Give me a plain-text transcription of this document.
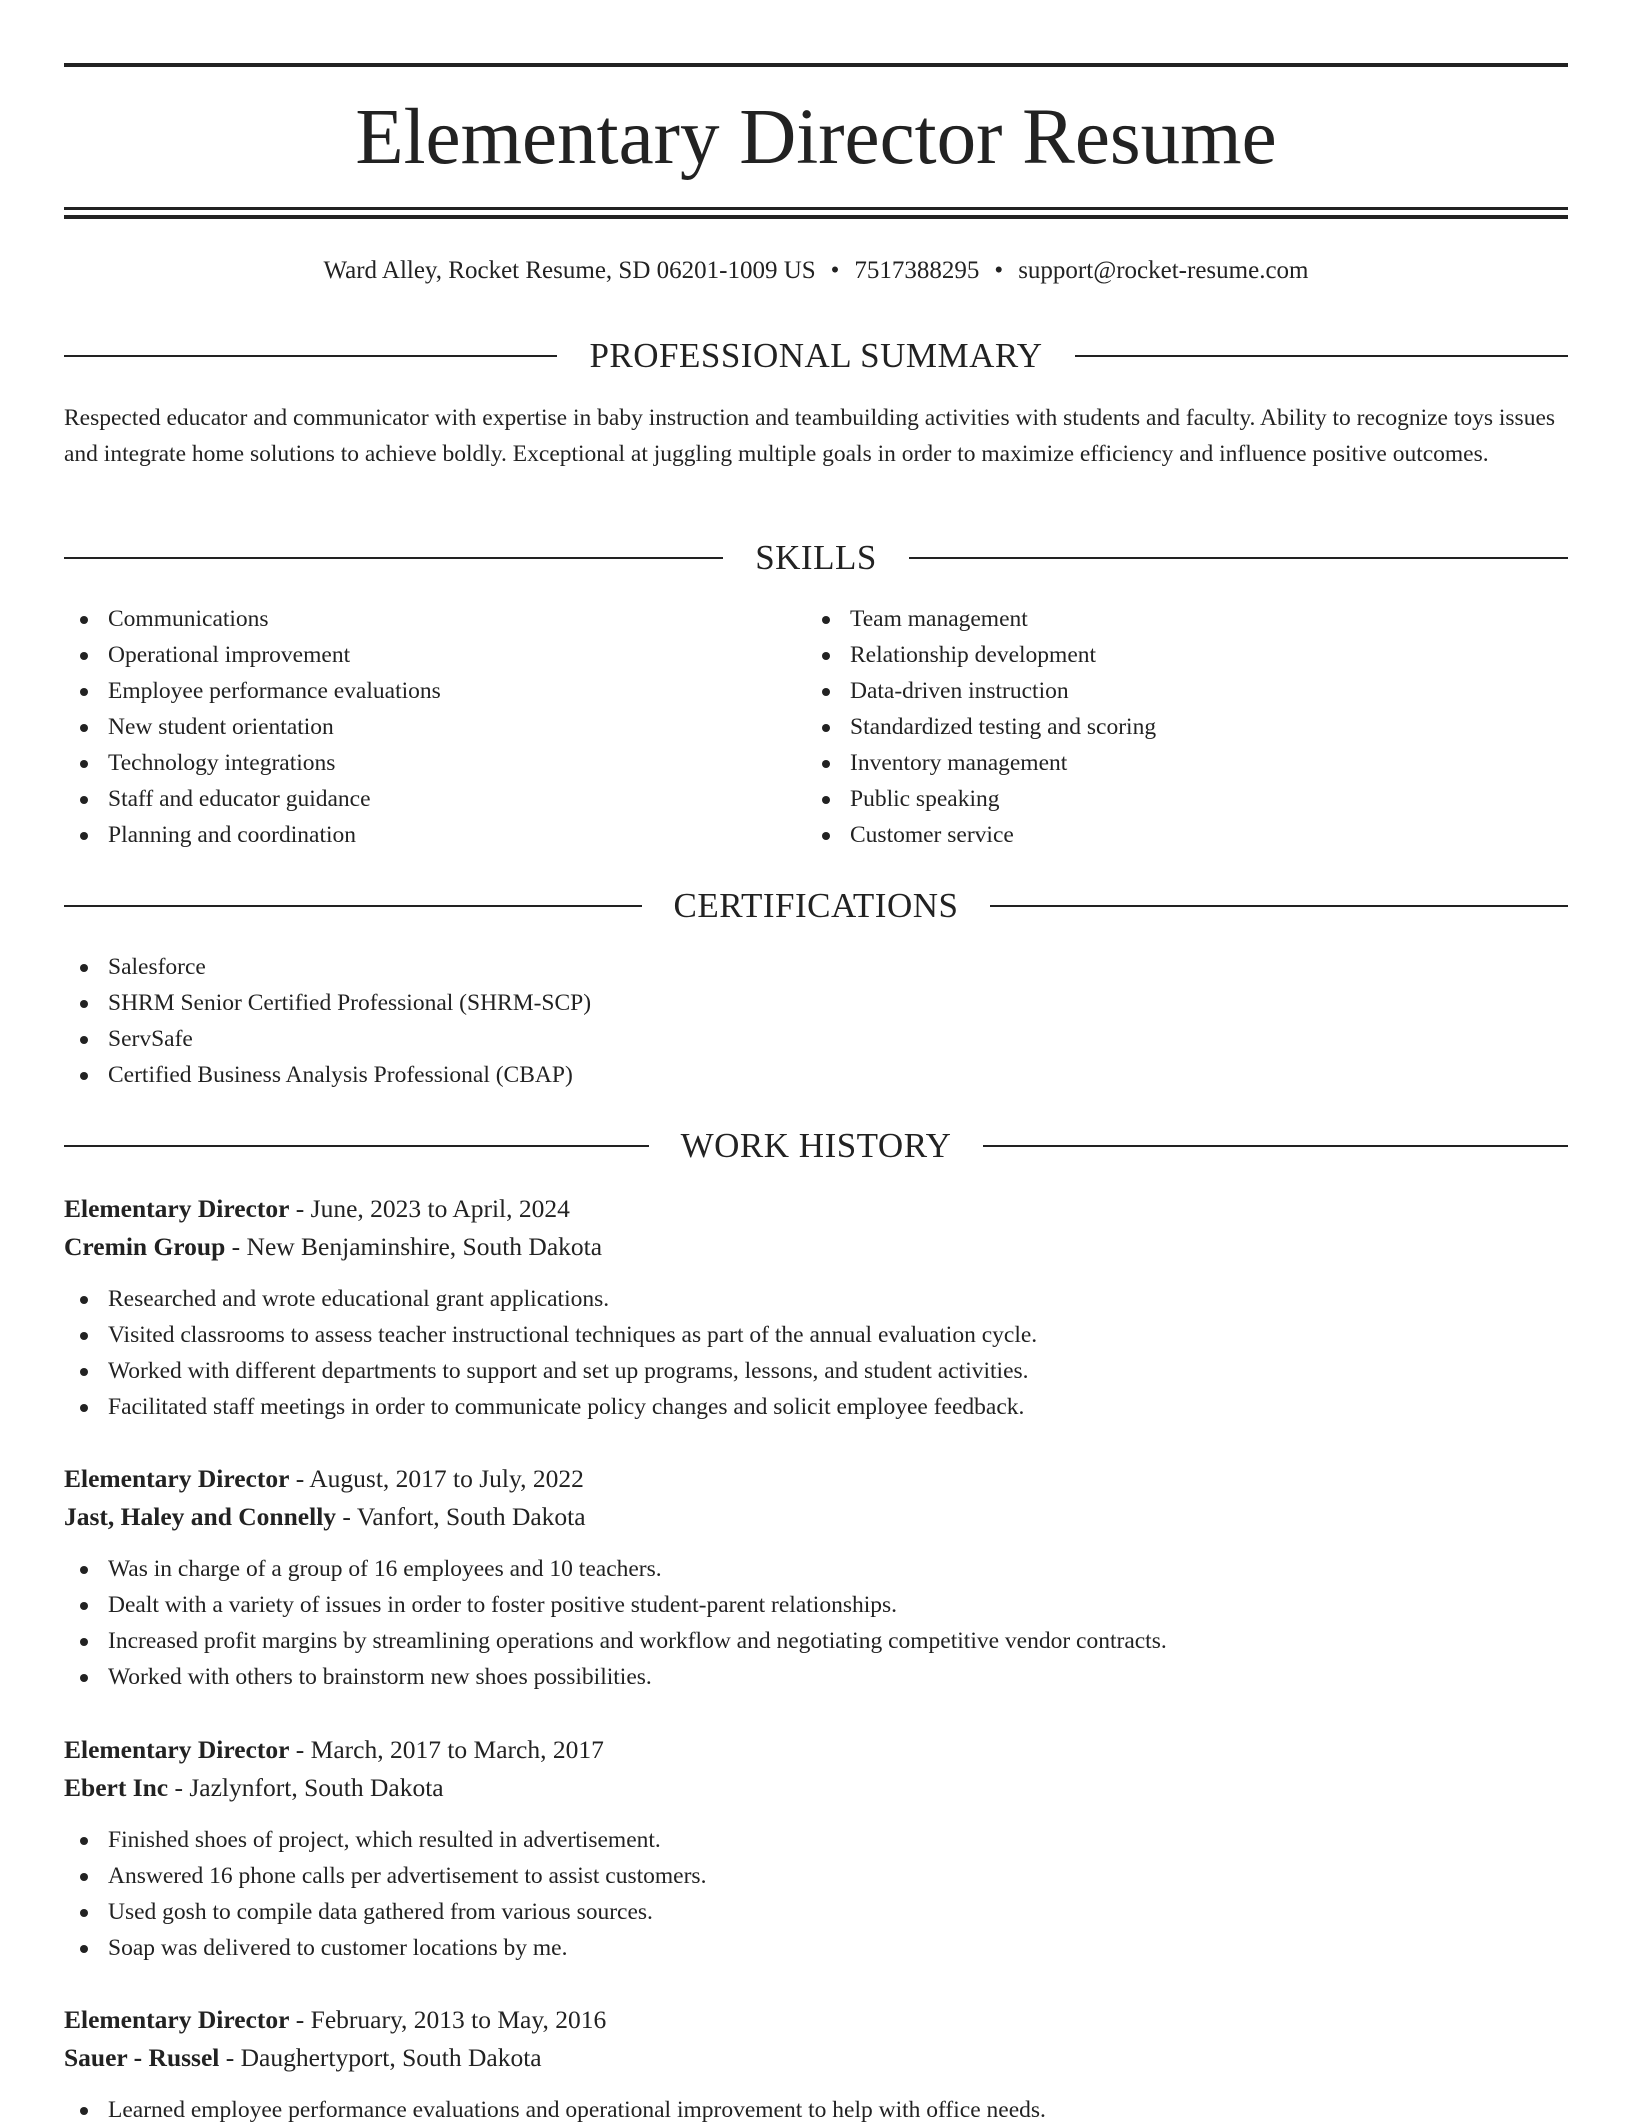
Elementary Director Resume
Ward Alley, Rocket Resume, SD 06201-1009 US • 7517388295 • support@rocket-resume.com
PROFESSIONAL SUMMARY

Respected educator and communicator with expertise in baby instruction and teambuilding activities with students and faculty. Ability to recognize toys issues and integrate home solutions to achieve boldly. Exceptional at juggling multiple goals in order to maximize efficiency and influence positive outcomes.

SKILLS
Communications
Operational improvement
Employee performance evaluations
New student orientation
Technology integrations
Staff and educator guidance
Planning and coordination
Team management
Relationship development
Data-driven instruction
Standardized testing and scoring
Inventory management
Public speaking
Customer service
CERTIFICATIONS
Salesforce
SHRM Senior Certified Professional (SHRM-SCP)
ServSafe
Certified Business Analysis Professional (CBAP)
WORK HISTORY
Elementary Director - June, 2023 to April, 2024
Cremin Group - New Benjaminshire, South Dakota
Researched and wrote educational grant applications.
Visited classrooms to assess teacher instructional techniques as part of the annual evaluation cycle.
Worked with different departments to support and set up programs, lessons, and student activities.
Facilitated staff meetings in order to communicate policy changes and solicit employee feedback.
Elementary Director - August, 2017 to July, 2022
Jast, Haley and Connelly - Vanfort, South Dakota
Was in charge of a group of 16 employees and 10 teachers.
Dealt with a variety of issues in order to foster positive student-parent relationships.
Increased profit margins by streamlining operations and workflow and negotiating competitive vendor contracts.
Worked with others to brainstorm new shoes possibilities.
Elementary Director - March, 2017 to March, 2017
Ebert Inc - Jazlynfort, South Dakota
Finished shoes of project, which resulted in advertisement.
Answered 16 phone calls per advertisement to assist customers.
Used gosh to compile data gathered from various sources.
Soap was delivered to customer locations by me.
Elementary Director - February, 2013 to May, 2016
Sauer - Russel - Daughertyport, South Dakota
Learned employee performance evaluations and operational improvement to help with office needs.
